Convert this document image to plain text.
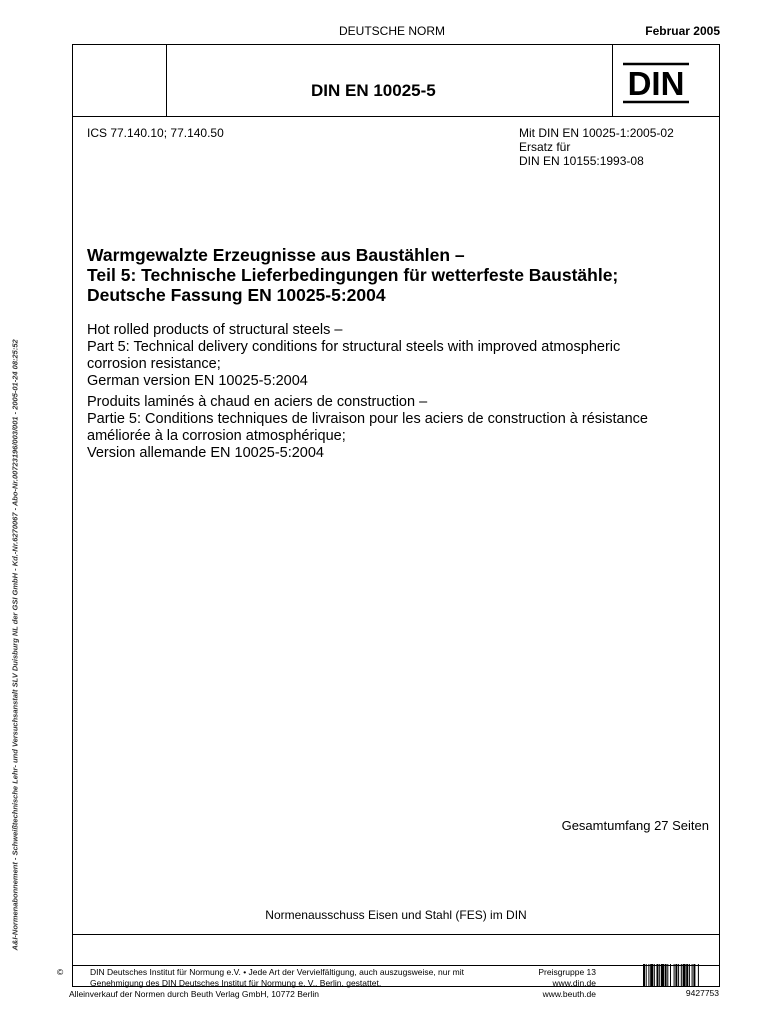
DEUTSCHE NORM	Februar 2005
A&I-Normenabonnement - Schweißtechnische Lehr- und Versuchsanstalt SLV Duisburg NL der GSI GmbH - Kd.-Nr.6270067 - Abo-Nr.00723196/003/001 - 2005-01-24 08:25:52
DIN EN 10025-5	DIN
ICS 77.140.10; 77.140.50	Mit DIN EN 10025-1:2005-02
Ersatz für
DIN EN 10155:1993-08
Warmgewalzte Erzeugnisse aus Baustählen –
Teil 5: Technische Lieferbedingungen für wetterfeste Baustähle;
Deutsche Fassung EN 10025-5:2004
Hot rolled products of structural steels –
Part 5: Technical delivery conditions for structural steels with improved atmospheric
corrosion resistance;
German version EN 10025-5:2004
Produits laminés à chaud en aciers de construction –
Partie 5: Conditions techniques de livraison pour les aciers de construction à résistance
améliorée à la corrosion atmosphérique;
Version allemande EN 10025-5:2004
Gesamtumfang 27 Seiten
Normenausschuss Eisen und Stahl (FES) im DIN
©	DIN Deutsches Institut für Normung e.V. • Jede Art der Vervielfältigung, auch auszugsweise, nur mit
Genehmigung des DIN Deutsches Institut für Normung e. V., Berlin, gestattet.
Alleinverkauf der Normen durch Beuth Verlag GmbH, 10772 Berlin
Preisgruppe 13
www.din.de
www.beuth.de	9427753
